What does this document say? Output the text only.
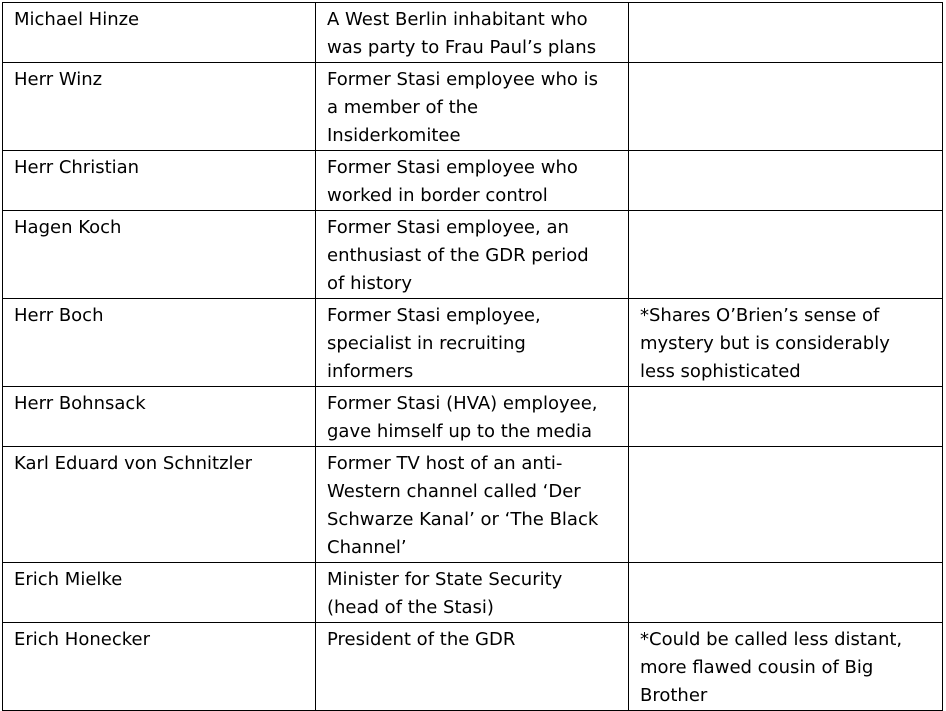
Michael Hinze	A West Berlin inhabitant who
was party to Frau Paul’s plans	

Herr Winz	Former Stasi employee who is
a member of the
Insiderkomitee	

Herr Christian	Former Stasi employee who
worked in border control	

Hagen Koch	Former Stasi employee, an
enthusiast of the GDR period
of history	

Herr Boch	Former Stasi employee,
specialist in recruiting
informers	*Shares O’Brien’s sense of
mystery but is considerably
less sophisticated

Herr Bohnsack	Former Stasi (HVA) employee,
gave himself up to the media	

Karl Eduard von Schnitzler	Former TV host of an anti-
Western channel called ‘Der
Schwarze Kanal’ or ‘The Black
Channel’	

Erich Mielke	Minister for State Security
(head of the Stasi)	

Erich Honecker	President of the GDR	*Could be called less distant,
more flawed cousin of Big
Brother
